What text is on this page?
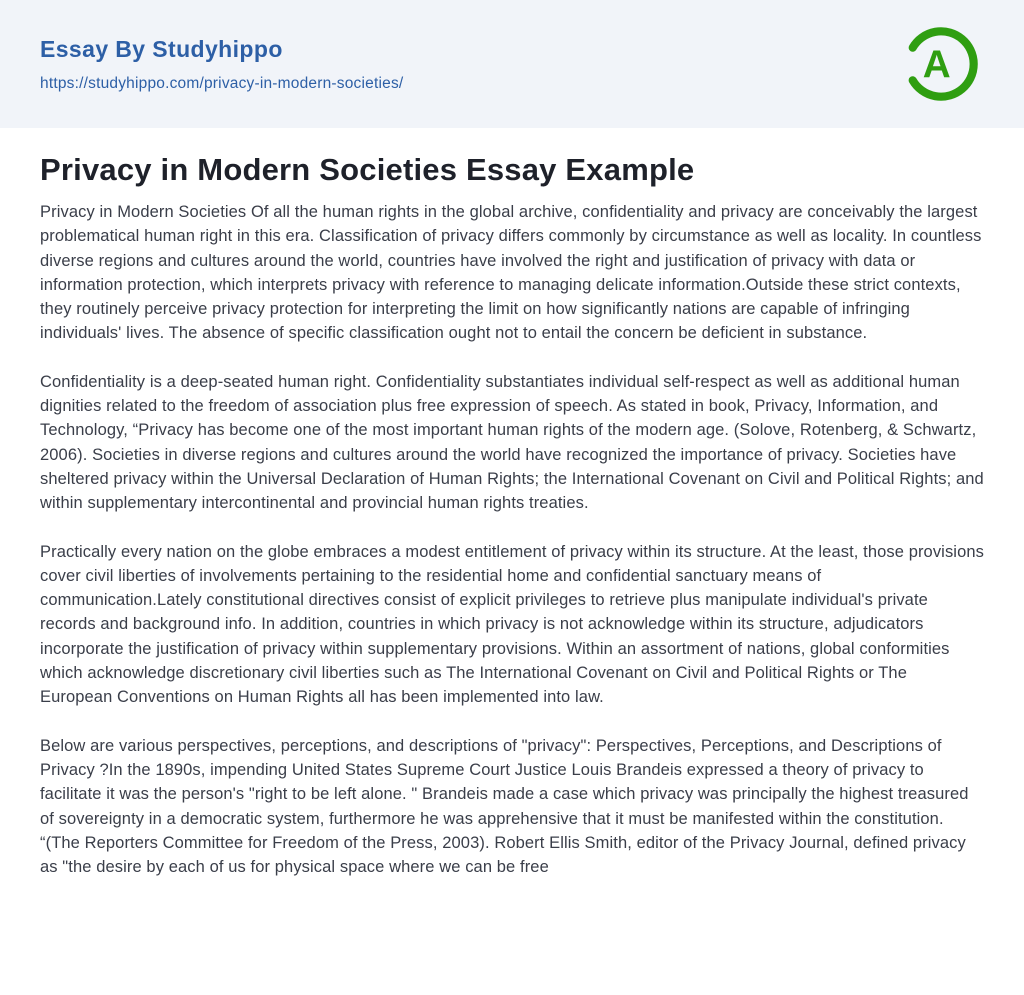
Essay By Studyhippo
https://studyhippo.com/privacy-in-modern-societies/	A
Privacy in Modern Societies Essay Example

Privacy in Modern Societies Of all the human rights in the global archive, confidentiality and privacy are conceivably the largest problematical human right in this era. Classification of privacy differs commonly by circumstance as well as locality. In countless diverse regions and cultures around the world, countries have involved the right and justification of privacy with data or information protection, which interprets privacy with reference to managing delicate information.Outside these strict contexts, they routinely perceive privacy protection for interpreting the limit on how significantly nations are capable of infringing individuals' lives. The absence of specific classification ought not to entail the concern be deficient in substance.

Confidentiality is a deep-seated human right. Confidentiality substantiates individual self-respect as well as additional human dignities related to the freedom of association plus free expression of speech. As stated in book, Privacy, Information, and Technology, “Privacy has become one of the most important human rights of the modern age. (Solove, Rotenberg, & Schwartz, 2006). Societies in diverse regions and cultures around the world have recognized the importance of privacy. Societies have sheltered privacy within the Universal Declaration of Human Rights; the International Covenant on Civil and Political Rights; and within supplementary intercontinental and provincial human rights treaties.

Practically every nation on the globe embraces a modest entitlement of privacy within its structure. At the least, those provisions cover civil liberties of involvements pertaining to the residential home and confidential sanctuary means of communication.Lately constitutional directives consist of explicit privileges to retrieve plus manipulate individual's private records and background info. In addition, countries in which privacy is not acknowledge within its structure, adjudicators incorporate the justification of privacy within supplementary provisions. Within an assortment of nations, global conformities which acknowledge discretionary civil liberties such as The International Covenant on Civil and Political Rights or The European Conventions on Human Rights all has been implemented into law.

Below are various perspectives, perceptions, and descriptions of "privacy": Perspectives, Perceptions, and Descriptions of Privacy ?In the 1890s, impending United States Supreme Court Justice Louis Brandeis expressed a theory of privacy to facilitate it was the person's "right to be left alone. " Brandeis made a case which privacy was principally the highest treasured of sovereignty in a democratic system, furthermore he was apprehensive that it must be manifested within the constitution. “(The Reporters Committee for Freedom of the Press, 2003). Robert Ellis Smith, editor of the Privacy Journal, defined privacy as "the desire by each of us for physical space where we can be free
